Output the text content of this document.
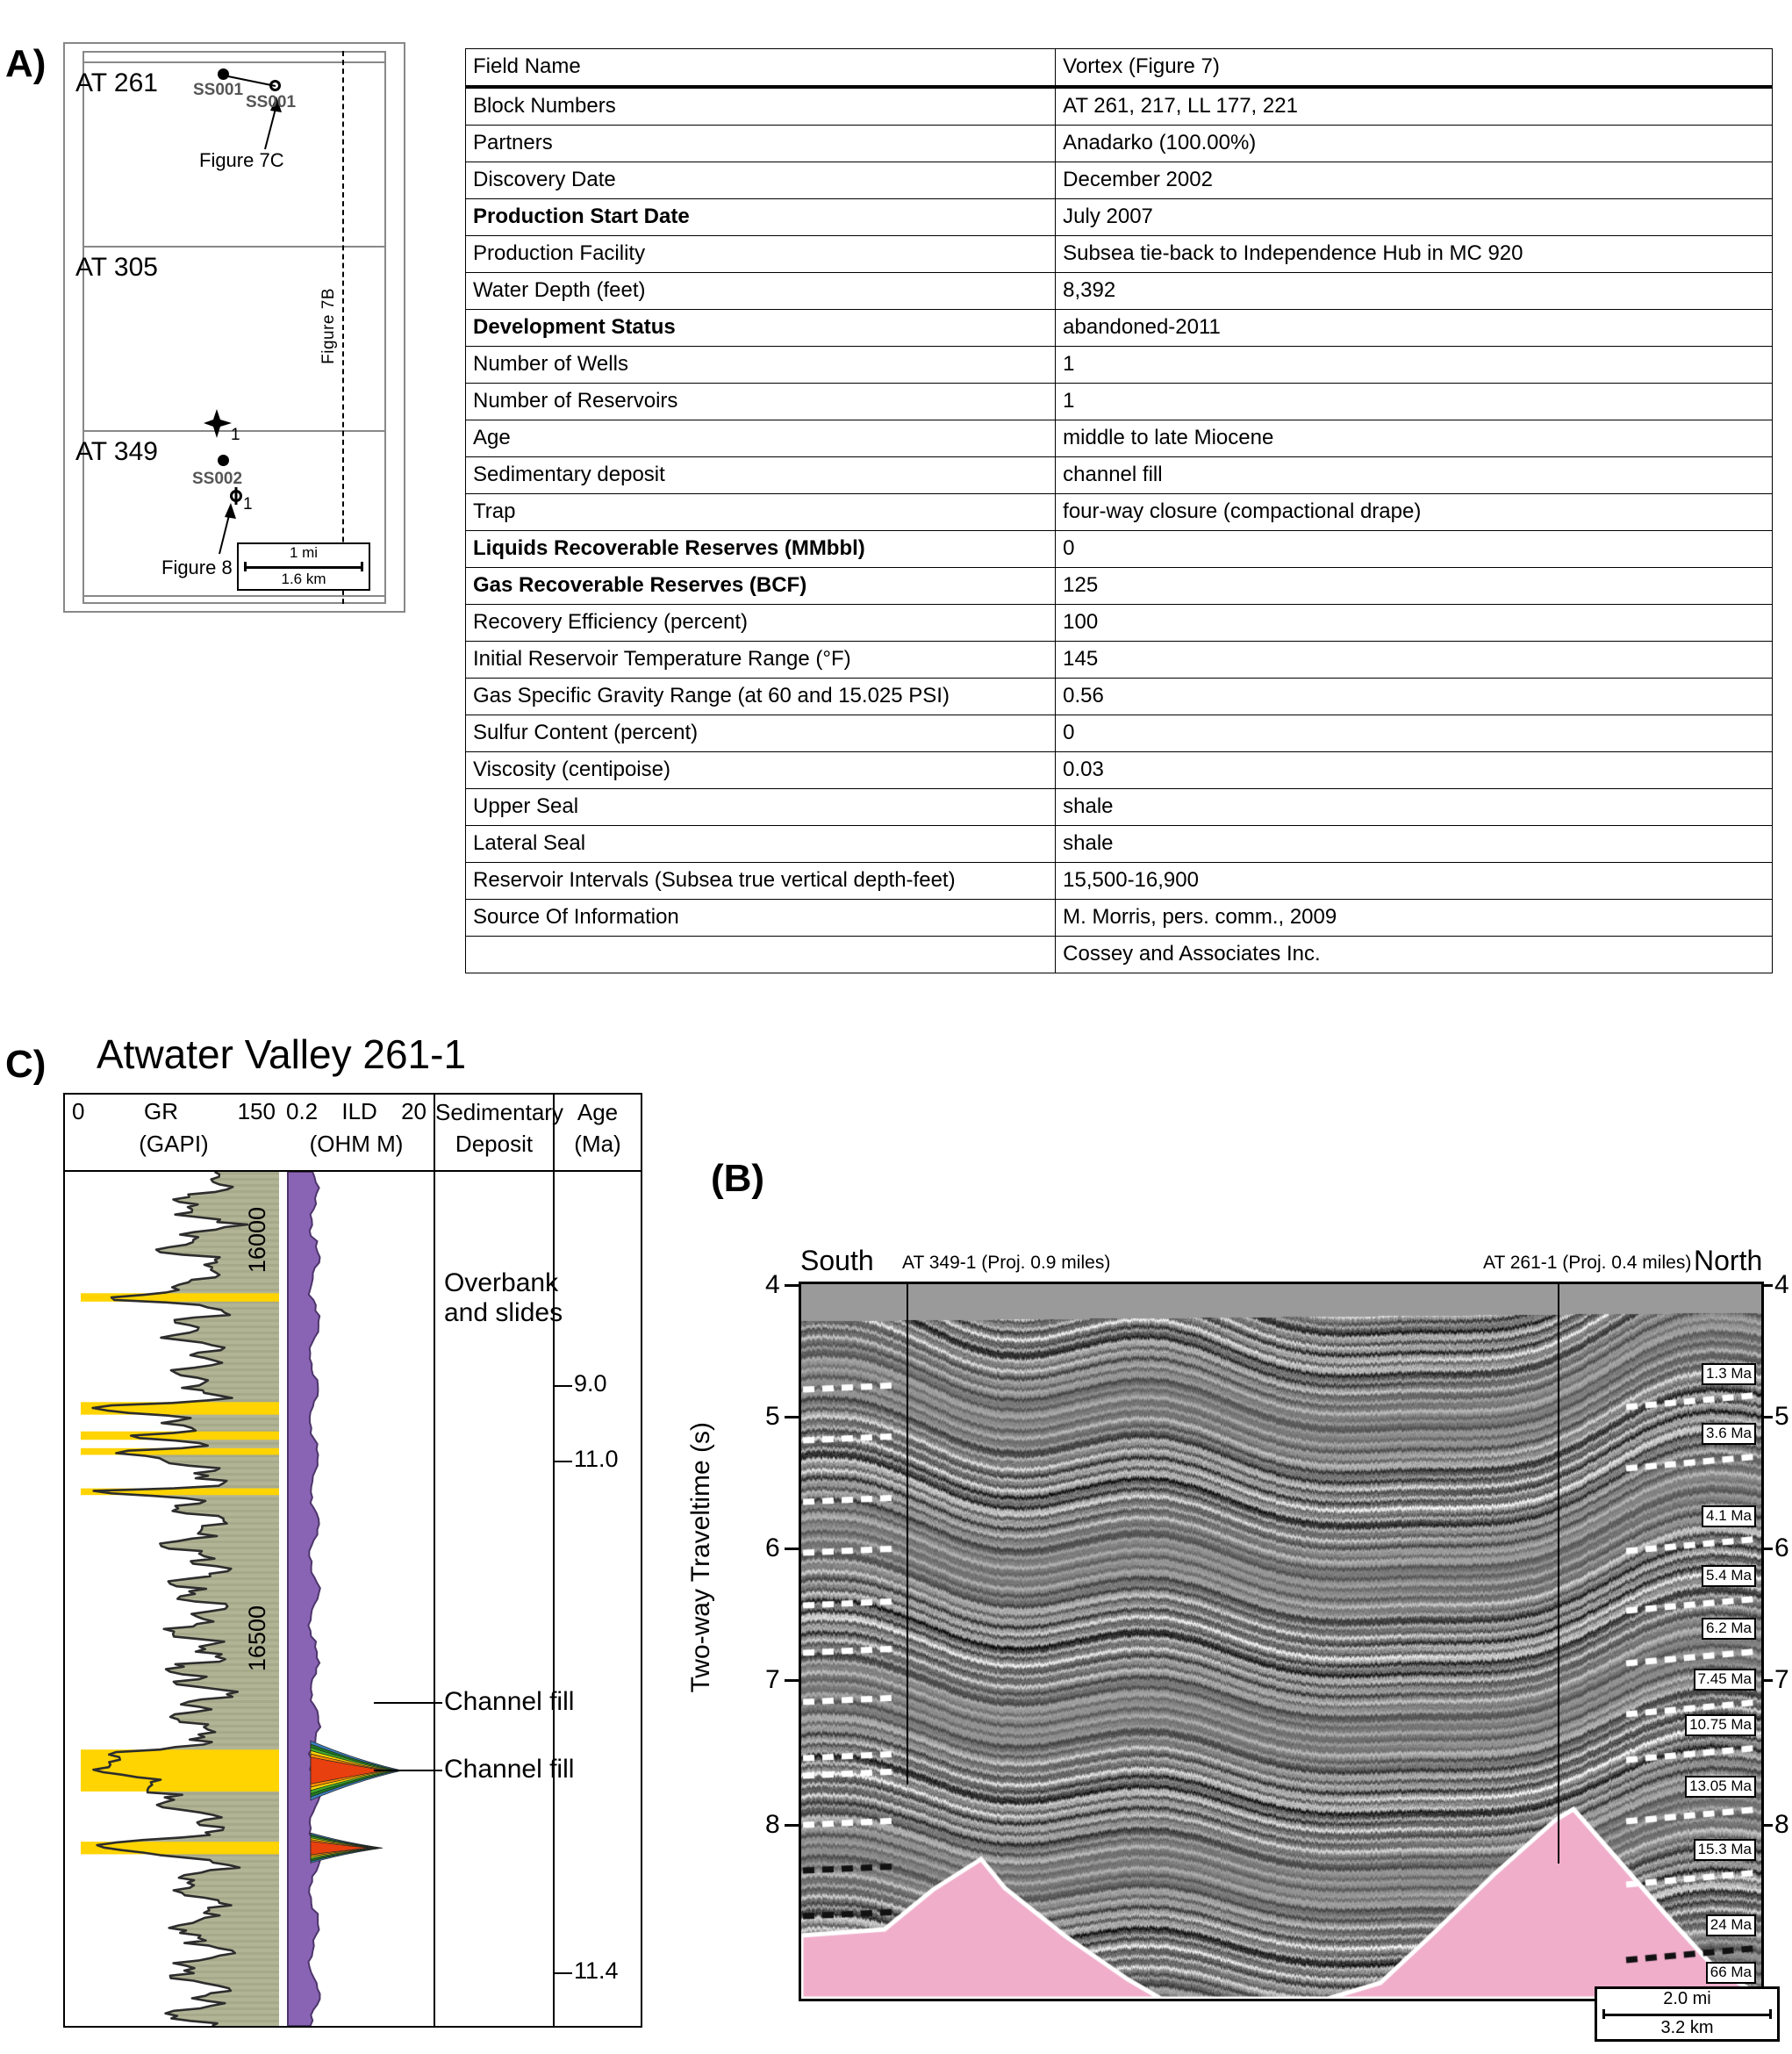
A)
Figure 7B
AT 261 SS001
SS001
Figure 7C
AT 305
1
AT 349
SS002
1
Figure 8
1 mi
1.6 km
Field Name	Vortex (Figure 7)
Block Numbers	AT 261, 217, LL 177, 221
Partners	Anadarko (100.00%)
Discovery Date	December 2002
Production Start Date	July 2007
Production Facility	Subsea tie-back to Independence Hub in MC 920
Water Depth (feet)	8,392
Development Status	abandoned-2011
Number of Wells	1
Number of Reservoirs	1
Age	middle to late Miocene
Sedimentary deposit	channel fill
Trap	four-way closure (compactional drape)
Liquids Recoverable Reserves (MMbbl)	0
Gas Recoverable Reserves (BCF)	125
Recovery Efficiency (percent)	100
Initial Reservoir Temperature Range (°F)	145
Gas Specific Gravity Range (at 60 and 15.025 PSI)	0.56
Sulfur Content (percent)	0
Viscosity (centipoise)	0.03
Upper Seal	shale
Lateral Seal	shale
Reservoir Intervals (Subsea true vertical depth-feet)	15,500-16,900
Source Of Information	M. Morris, pers. comm., 2009
	Cossey and Associates Inc.
C) Atwater Valley 261-1
0	GR	150
(GAPI)
0.2 ILD 20
(OHM M)
Sedimentary
Deposit
Age
(Ma)
16000
16500
Overbank
and slides
Channel fill
Channel fill
9.0
11.0
11.4
(B)
Two-way Traveltime (s)
South AT 349-1 (Proj. 0.9 miles)	AT 261-1 (Proj. 0.4 miles) North
4	4
5	5
6	6
7	7
8	8
1.3 Ma
3.6 Ma
4.1 Ma
5.4 Ma
6.2 Ma
7.45 Ma
10.75 Ma
13.05 Ma
15.3 Ma
24 Ma
66 Ma
2.0 mi
3.2 km
